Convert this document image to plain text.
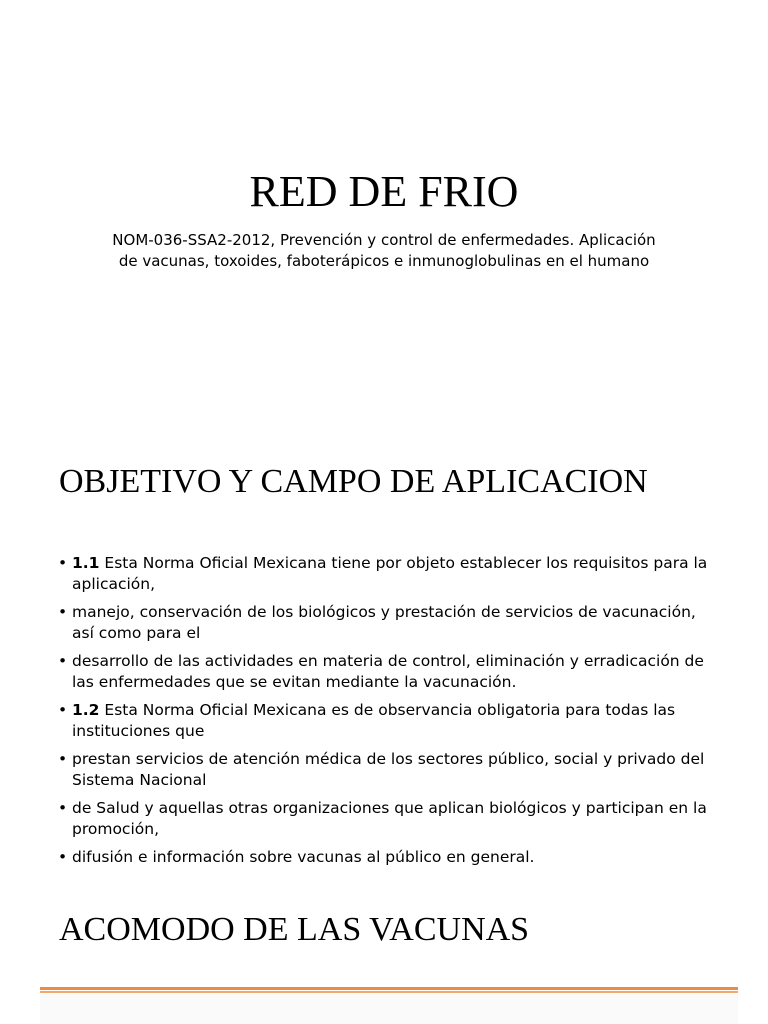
RED DE FRIO
NOM-036-SSA2-2012, Prevención y control de enfermedades. Aplicación
de vacunas, toxoides, faboterápicos e inmunoglobulinas en el humano
OBJETIVO Y CAMPO DE APLICACION
• 1.1 Esta Norma Oficial Mexicana tiene por objeto establecer los requisitos para la aplicación,
• manejo, conservación de los biológicos y prestación de servicios de vacunación, así como para el
• desarrollo de las actividades en materia de control, eliminación y erradicación de las enfermedades que se evitan mediante la vacunación.
• 1.2 Esta Norma Oficial Mexicana es de observancia obligatoria para todas las instituciones que
• prestan servicios de atención médica de los sectores público, social y privado del Sistema Nacional
• de Salud y aquellas otras organizaciones que aplican biológicos y participan en la promoción,
• difusión e información sobre vacunas al público en general.
ACOMODO DE LAS VACUNAS
